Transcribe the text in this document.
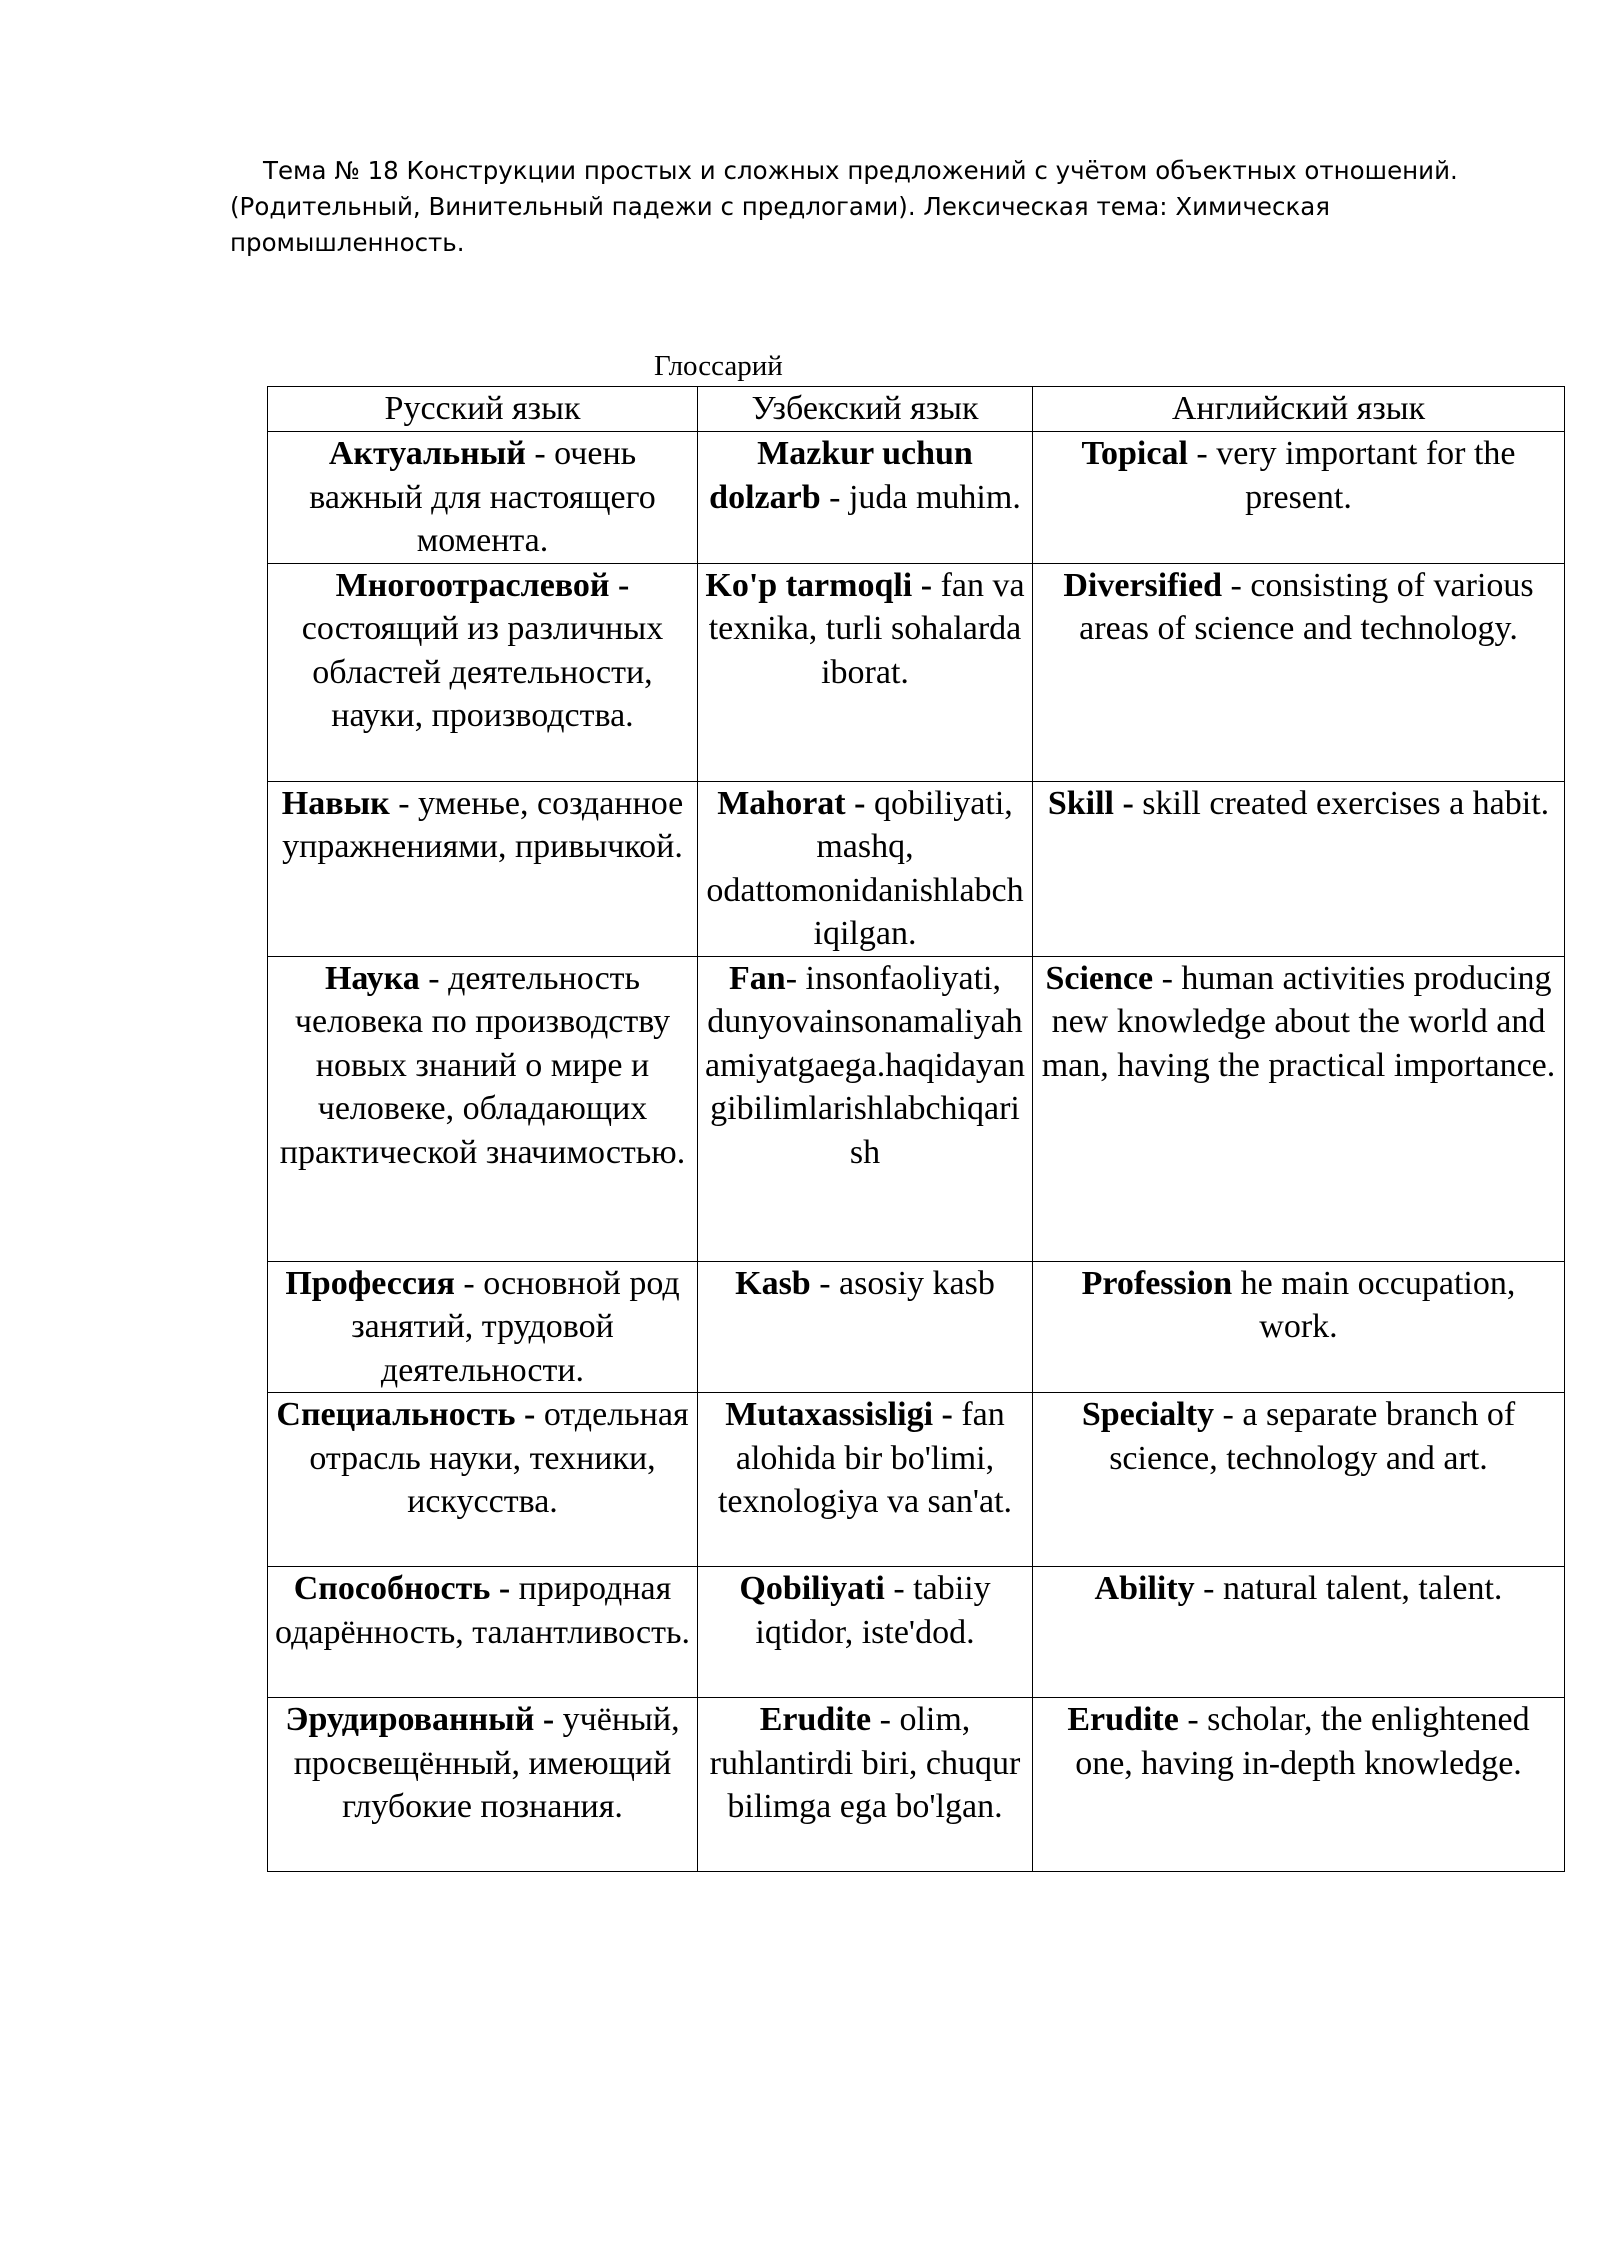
Тема № 18 Конструкции простых и сложных предложений с учётом объектных отношений. (Родительный, Винительный падежи с предлогами). Лексическая тема: Химическая промышленность.

Глоссарий

Русский язык	Узбекский язык	Английский язык
Актуальный - очень важный для настоящего момента.	Mazkur uchun dolzarb - juda muhim.	Topical - very important for the present.
Многоотраслевой - состоящий из различных областей деятельности, науки, производства.	Ko'p tarmoqli - fan va texnika, turli sohalarda iborat.	Diversified - consisting of various areas of science and technology.
Навык - уменье, созданное упражнениями, привычкой.	Mahorat - qobiliyati, mashq, odattomonidanishlabchiqilgan.	Skill - skill created exercises a habit.
Наука - деятельность человека по производству новых знаний о мире и человеке, обладающих практической значимостью.	Fan- insonfaoliyati, dunyovainsonamaliyahamiyatgaega.haqidayangibilimlarishlabchiqarish	Science - human activities producing new knowledge about the world and man, having the practical importance.
Профессия - основной род занятий, трудовой деятельности.	Kasb - asosiy kasb	Profession he main occupation, work.
Специальность - отдельная отрасль науки, техники, искусства.	Mutaxassisligi - fan alohida bir bo'limi, texnologiya va san'at.	Specialty - a separate branch of science, technology and art.
Способность - природная одарённость, талантливость.	Qobiliyati - tabiiy iqtidor, iste'dod.	Ability - natural talent, talent.
Эрудированный - учёный, просвещённый, имеющий глубокие познания.	Erudite - olim, ruhlantirdi biri, chuqur bilimga ega bo'lgan.	Erudite - scholar, the enlightened one, having in-depth knowledge.
